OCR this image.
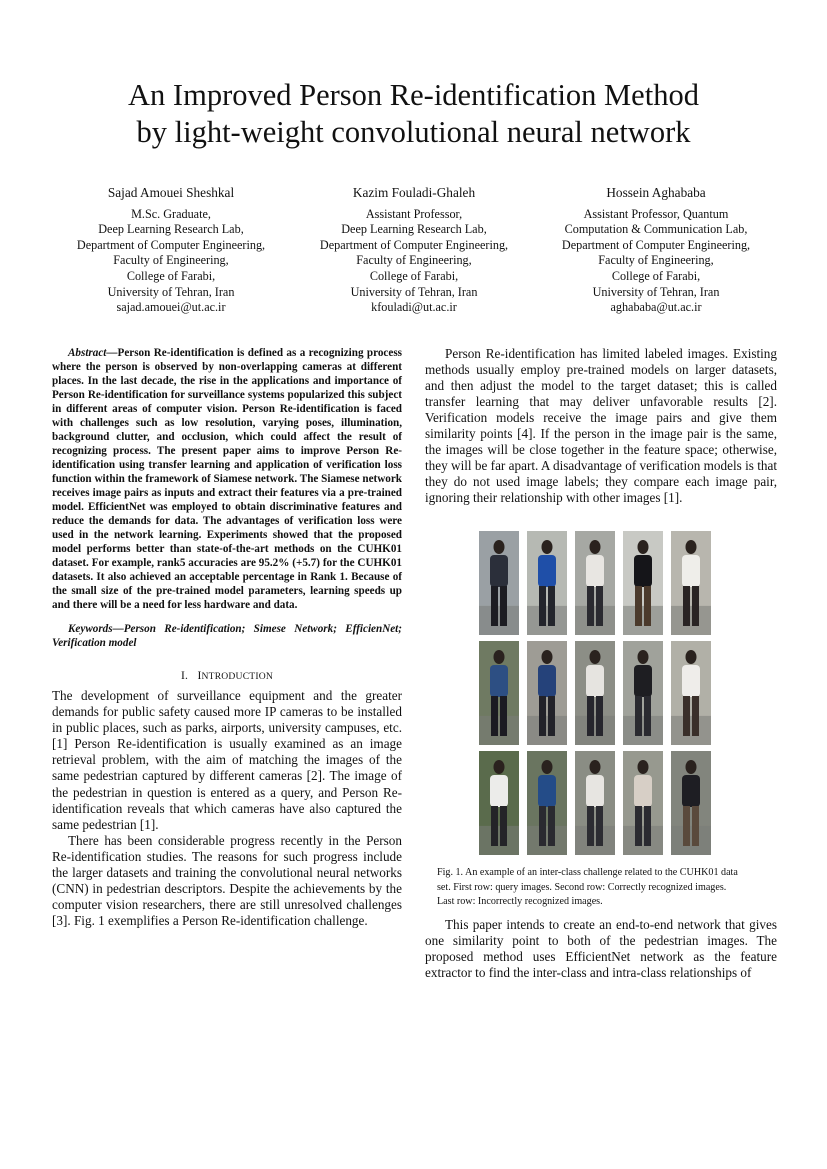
An Improved Person Re-identification Method
by light-weight convolutional neural network
Sajad Amouei Sheshkal
M.Sc. Graduate,
Deep Learning Research Lab,
Department of Computer Engineering,
Faculty of Engineering,
College of Farabi,
University of Tehran, Iran
sajad.amouei@ut.ac.ir
Kazim Fouladi-Ghaleh
Assistant Professor,
Deep Learning Research Lab,
Department of Computer Engineering,
Faculty of Engineering,
College of Farabi,
University of Tehran, Iran
kfouladi@ut.ac.ir
Hossein Aghababa
Assistant Professor, Quantum
Computation & Communication Lab,
Department of Computer Engineering,
Faculty of Engineering,
College of Farabi,
University of Tehran, Iran
aghababa@ut.ac.ir

Abstract—Person Re-identification is defined as a recognizing process where the person is observed by non-overlapping cameras at different places. In the last decade, the rise in the applications and importance of Person Re-identification for surveillance systems popularized this subject in different areas of computer vision. Person Re-identification is faced with challenges such as low resolution, varying poses, illumination, background clutter, and occlusion, which could affect the result of recognizing process. The present paper aims to improve Person Re-identification using transfer learning and application of verification loss function within the framework of Siamese network. The Siamese network receives image pairs as inputs and extract their features via a pre-trained model. EfficientNet was employed to obtain discriminative features and reduce the demands for data. The advantages of verification loss were used in the network learning. Experiments showed that the proposed model performs better than state-of-the-art methods on the CUHK01 dataset. For example, rank5 accuracies are 95.2% (+5.7) for the CUHK01 datasets. It also achieved an acceptable percentage in Rank 1. Because of the small size of the pre-trained model parameters, learning speeds up and there will be a need for less hardware and data.

Keywords—Person Re-identification; Simese Network; EfficienNet; Verification model
I. INTRODUCTION

The development of surveillance equipment and the greater demands for public safety caused more IP cameras to be installed in public places, such as parks, airports, university campuses, etc. [1] Person Re-identification is usually examined as an image retrieval problem, with the aim of matching the images of the same pedestrian captured by different cameras [2]. The image of the pedestrian in question is entered as a query, and Person Re-identification reveals that which cameras have also captured the same pedestrian [1].

There has been considerable progress recently in the Person Re-identification studies. The reasons for such progress include the larger datasets and training the convolutional neural networks (CNN) in pedestrian descriptors. Despite the achievements by the computer vision researchers, there are still unresolved challenges [3]. Fig. 1 exemplifies a Person Re-identification challenge.

Person Re-identification has limited labeled images. Existing methods usually employ pre-trained models on larger datasets, and then adjust the model to the target dataset; this is called transfer learning that may deliver unfavorable results [2]. Verification models receive the image pairs and give them similarity points [4]. If the person in the image pair is the same, the images will be close together in the feature space; otherwise, they will be far apart. A disadvantage of verification models is that they do not used image labels; they compare each image pair, ignoring their relationship with other images [1].

Fig. 1. An example of an inter-class challenge related to the CUHK01 data
set. First row: query images. Second row: Correctly recognized images.
Last row: Incorrectly recognized images.

This paper intends to create an end-to-end network that gives one similarity point to both of the pedestrian images. The proposed method uses EfficientNet network as the feature extractor to find the inter-class and intra-class relationships of
